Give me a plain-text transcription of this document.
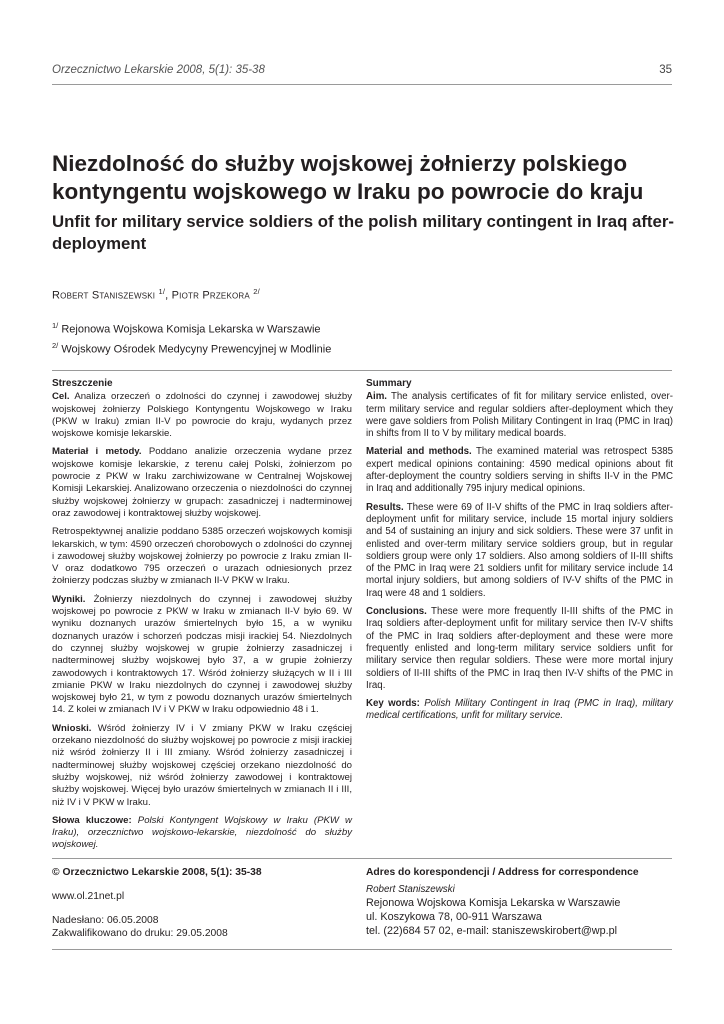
Orzecznictwo Lekarskie 2008, 5(1): 35-38	35
Niezdolność do służby wojskowej żołnierzy polskiego kontyngentu wojskowego w Iraku po powrocie do kraju
Unfit for military service soldiers of the polish military contingent in Iraq after-deployment
Robert Staniszewski $^{1/}$, Piotr Przekora $^{2/}$
$^{1/}$ Rejonowa Wojskowa Komisja Lekarska w Warszawie
$^{2/}$ Wojskowy Ośrodek Medycyny Prewencyjnej w Modlinie
Streszczenie

Cel. Analiza orzeczeń o zdolności do czynnej i zawodowej służby wojskowej żołnierzy Polskiego Kontyngentu Wojskowego w Iraku (PKW w Iraku) zmian II-V po powrocie do kraju, wydanych przez wojskowe komisje lekarskie.

Materiał i metody. Poddano analizie orzeczenia wydane przez wojskowe komisje lekarskie, z terenu całej Polski, żołnierzom po powrocie z PKW w Iraku zarchiwizowane w Centralnej Wojskowej Komisji Lekarskiej. Analizowano orzeczenia o niezdolności do czynnej służby wojskowej żołnierzy w grupach: zasadniczej i nadterminowej oraz zawodowej i kontraktowej służby wojskowej.

Retrospektywnej analizie poddano 5385 orzeczeń wojskowych komisji lekarskich, w tym: 4590 orzeczeń chorobowych o zdolności do czynnej i zawodowej służby wojskowej żołnierzy po powrocie z Iraku zmian II-V oraz dodatkowo 795 orzeczeń o urazach odniesionych przez żołnierzy podczas służby w zmianach II-V PKW w Iraku.

Wyniki. Żołnierzy niezdolnych do czynnej i zawodowej służby wojskowej po powrocie z PKW w Iraku w zmianach II-V było 69. W wyniku doznanych urazów śmiertelnych było 15, a w wyniku doznanych urazów i schorzeń podczas misji irackiej 54. Niezdolnych do czynnej służby wojskowej w grupie żołnierzy zasadniczej i nadterminowej służby wojskowej było 37, a w grupie żołnierzy zawodowych i kontraktowych 17. Wśród żołnierzy służących w II i III zmianie PKW w Iraku niezdolnych do czynnej i zawodowej służby wojskowej było 21, w tym z powodu doznanych urazów śmiertelnych 14. Z kolei w zmianach IV i V PKW w Iraku odpowiednio 48 i 1.

Wnioski. Wśród żołnierzy IV i V zmiany PKW w Iraku częściej orzekano niezdolność do służby wojskowej po powrocie z misji irackiej niż wśród żołnierzy II i III zmiany. Wśród żołnierzy zasadniczej i nadterminowej służby wojskowej częściej orzekano niezdolność do służby wojskowej, niż wśród żołnierzy zawodowej i kontraktowej służby wojskowej. Więcej było urazów śmiertelnych w zmianach II i III, niż IV i V PKW w Iraku.

Słowa kluczowe: Polski Kontyngent Wojskowy w Iraku (PKW w Iraku), orzecznictwo wojskowo-lekarskie, niezdolność do służby wojskowej.

Summary

Aim. The analysis certificates of fit for military service enlisted, over-term military service and regular soldiers after-deployment which they were gave soldiers from Polish Military Contingent in Iraq (PMC in Iraq) in shifts from II to V by military medical boards.

Material and methods. The examined material was retrospect 5385 expert medical opinions containing: 4590 medical opinions about fit after-deployment the country soldiers serving in shifts II-V in the PMC in Iraq and additionally 795 injury medical opinions.

Results. These were 69 of II-V shifts of the PMC in Iraq soldiers after-deployment unfit for military service, include 15 mortal injury soldiers and 54 of sustaining an injury and sick soldiers. These were 37 unfit in enlisted and over-term military service soldiers group, but in regular soldiers group were only 17 soldiers. Also among soldiers of II-III shifts of the PMC in Iraq were 21 soldiers unfit for military service include 14 mortal injury soldiers, but among soldiers of IV-V shifts of the PMC in Iraq were 48 and 1 soldiers.

Conclusions. These were more frequently II-III shifts of the PMC in Iraq soldiers after-deployment unfit for military service then IV-V shifts of the PMC in Iraq soldiers after-deployment and these were more frequently enlisted and long-term military service soldiers unfit for military service then regular soldiers. These were more mortal injury soldiers of II-III shifts of the PMC in Iraq then IV-V shifts of the PMC in Iraq.

Key words: Polish Military Contingent in Iraq (PMC in Iraq), military medical certifications, unfit for military service.

© Orzecznictwo Lekarskie 2008, 5(1): 35-38
www.ol.21net.pl
Nadesłano: 06.05.2008
Zakwalifikowano do druku: 29.05.2008
Adres do korespondencji / Address for correspondence
Robert Staniszewski
Rejonowa Wojskowa Komisja Lekarska w Warszawie
ul. Koszykowa 78, 00-911 Warszawa
tel. (22)684 57 02, e-mail: staniszewskirobert@wp.pl
